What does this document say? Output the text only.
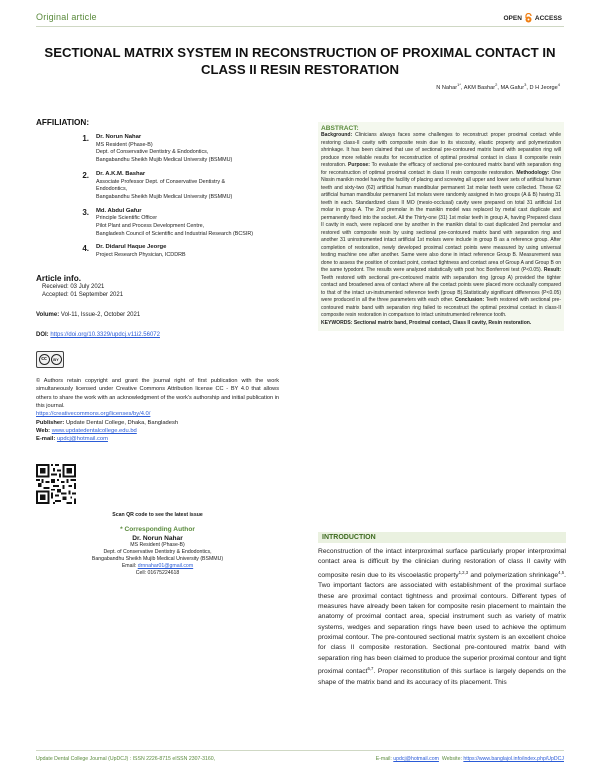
Original article	OPEN ACCESS
SECTIONAL MATRIX SYSTEM IN RECONSTRUCTION OF PROXIMAL CONTACT IN CLASS II RESIN RESTORATION
N Nahar$^{1*}$, AKM Bashar$^2$, MA Gafur$^3$, D H Jeorge$^4$
AFFILIATION:
1.	Dr. Norun Nahar
MS Resident (Phase-B)
Dept. of Conservative Dentistry & Endodontics,
Bangabandhu Sheikh Mujib Medical University (BSMMU)
2.	Dr. A.K.M. Bashar
Associate Professor Dept. of Conservative Dentistry &
Endodontics,
Bangabandhu Sheikh Mujib Medical University (BSMMU)
3.	Md. Abdul Gafur
Principle Scientific Officer
Pilot Plant and Process Development Centre,
Bangladesh Council of Scientific and Industrial Research (BCSIR)
4.	Dr. Didarul Haque Jeorge
Project Research Physician, ICDDRB
Article info.
Received: 03 July 2021
Accepted: 01 September 2021
Volume: Vol-11, Issue-2, October 2021
DOI: https://doi.org/10.3329/updcj.v11i2.56072
cc	BY

© Authors retain copyright and grant the journal right of first publication with the work simultaneously licensed under Creative Commons Attribution license CC - BY 4.0 that allows others to share the work with an acknowledgment of the work's authorship and initial publication in this journal.

https://creativecommons.org/licenses/by/4.0/
Publisher: Update Dental College, Dhaka, Bangladesh
Web: www.updatedentalcollege.edu.bd
E-mail: updcj@hotmail.com
Scan QR code to see the latest issue
* Corresponding Author
Dr. Norun Nahar
MS Resident (Phase-B)
Dept. of Conservative Dentistry & Endodontics,
Bangabandhu Sheikh Mujib Medical University (BSMMU)
Email: drnnahar01@gmail.com
Cell: 01675224618
ABSTRACT:

Background: Clinicians always faces some challenges to reconstruct proper proximal contact while restoring class-II cavity with composite resin due to its viscosity, elastic property and polymerization shrinkage. It has been claimed that use of sectional pre-contoured matrix band with separation ring will produce more reliable results for reconstruction of optimal proximal contact in class II composite resin restoration. Purpose: To evaluate the efficacy of sectional pre-contoured matrix band with separation ring for reconstruction of optimal proximal contact in class II resin composite restoration. Methodology: One Nissin manikin model having the facility of placing and screwing all upper and lower sets of artificial human teeth and sixty-two (62) artificial human mandibular permanent 1st molar teeth were collected. These 62 artificial human mandibular permanent 1st molars were randomly assigned in two groups (A & B) having 31 teeth in each. Standardized class II MO (mesio-occlusal) cavity were prepared on total 31 artificial 1st molar in group A. The 2nd premolar in the manikin model was replaced by metal cast duplicate and permanently fixed into the socket. All the Thirty-one (31) 1st molar teeth in group A, having Prepared class II cavity in each, were replaced one by another in the manikin distal to cast duplicated 2nd premolar and restored with composite resin by using sectional pre-contoured matrix band with separation ring and another 31 uninstrumented intact artificial 1st molars were include in group B as a reference group. After completion of restoration, newly developed proximal contact points were measured by using universal testing machine one after another. Same were also done in intact reference Group B. Measurement was done to assess the position of contact point, contact tightness and contact area of Group A and Group B on the same typodont. The results were analyzed statistically with post hoc Bonferroni test (P<0.05). Result: Teeth restored with sectional pre-contoured matrix with separation ring (group A) provided the tighter contact and broadened area of contact where all the contact points were placed more occlusally compared to that of the intact un-instrumented reference teeth (group B).Statistically significant differences (P<0.05) were produced in all the three parameters with each other. Conclusion: Teeth restored with sectional pre-contoured matrix band with separation ring failed to reconstruct the optimal proximal contact in class-II composite resin restoration in comparison to intact uninstrumented reference tooth.

KEYWORDS: Sectional matrix band, Proximal contact, Class II cavity, Resin restoration.

INTRODUCTION

Reconstruction of the intact interproximal surface particularly proper interproximal contact area is difficult by the clinician during restoration of class II cavity with composite resin due to its viscoelastic property$^{1,2,3}$ and polymerization shrinkage$^{4,5}$. Two important factors are associated with establishment of the proximal surface these are proximal contact tightness and proximal contours. Different types of measures have already been taken for composite resin placement to maintain the anatomy of proximal contact area, special instrument such as variety of matrix systems, wedges and separation rings have been used to achieve the optimum proximal contour. The pre-contoured sectional matrix system is an excellent choice for class II composite restoration. Sectional pre-contoured matrix band with separation ring has been claimed to produce the superior proximal contour and tight proximal contact$^{6,7}$. Proper reconstitution of this surface is largely depends on the shape of the matrix band and its accuracy of its placement. This

Update Dental College Journal (UpDCJ) : ISSN 2226-8715 eISSN 2307-3160,	E-mail: updcj@hotmail.com Website: https://www.banglajol.info/index.php/UpDCJ
